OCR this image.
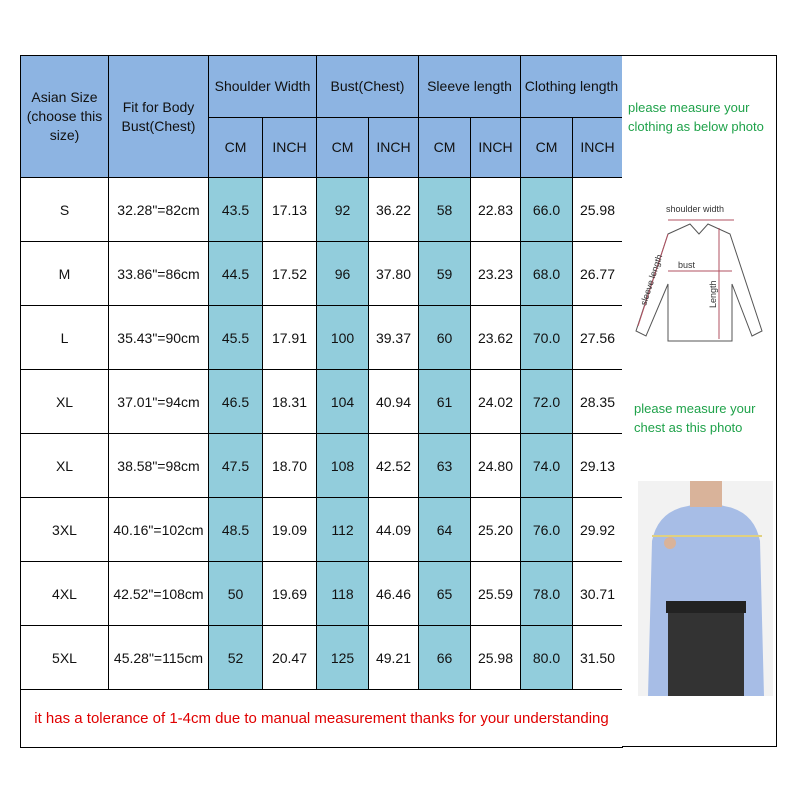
Asian Size (choose this size)	Fit for Body Bust(Chest)	Shoulder Width		Bust(Chest)		Sleeve length		Clothing length	
		CM	INCH	CM	INCH	CM	INCH	CM	INCH
S	32.28"=82cm	43.5	17.13	92	36.22	58	22.83	66.0	25.98
M	33.86"=86cm	44.5	17.52	96	37.80	59	23.23	68.0	26.77
L	35.43"=90cm	45.5	17.91	100	39.37	60	23.62	70.0	27.56
XL	37.01"=94cm	46.5	18.31	104	40.94	61	24.02	72.0	28.35
XL	38.58"=98cm	47.5	18.70	108	42.52	63	24.80	74.0	29.13
3XL	40.16"=102cm	48.5	19.09	112	44.09	64	25.20	76.0	29.92
4XL	42.52"=108cm	50	19.69	118	46.46	65	25.59	78.0	30.71
5XL	45.28"=115cm	52	20.47	125	49.21	66	25.98	80.0	31.50
it has a tolerance of 1-4cm due to manual measurement thanks for your understanding									
please measure your clothing as below photo
shoulder width
bust
Length
sleeve length
please measure your chest as this photo
